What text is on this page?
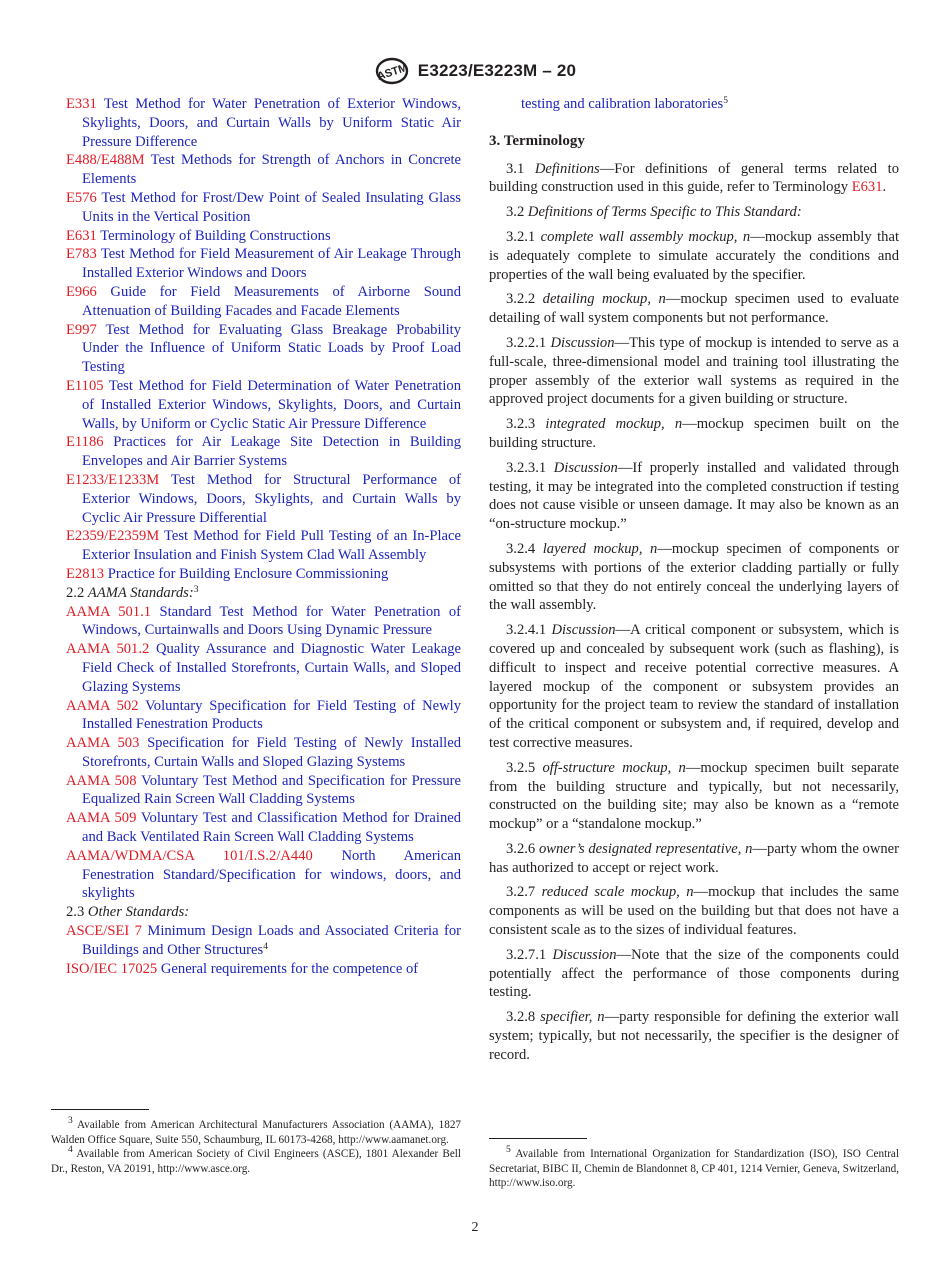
ASTM E3223/E3223M – 20

E331 Test Method for Water Penetration of Exterior Windows, Skylights, Doors, and Curtain Walls by Uniform Static Air Pressure Difference

E488/E488M Test Methods for Strength of Anchors in Concrete Elements

E576 Test Method for Frost/Dew Point of Sealed Insulating Glass Units in the Vertical Position

E631 Terminology of Building Constructions

E783 Test Method for Field Measurement of Air Leakage Through Installed Exterior Windows and Doors

E966 Guide for Field Measurements of Airborne Sound Attenuation of Building Facades and Facade Elements

E997 Test Method for Evaluating Glass Breakage Probability Under the Influence of Uniform Static Loads by Proof Load Testing

E1105 Test Method for Field Determination of Water Penetration of Installed Exterior Windows, Skylights, Doors, and Curtain Walls, by Uniform or Cyclic Static Air Pressure Difference

E1186 Practices for Air Leakage Site Detection in Building Envelopes and Air Barrier Systems

E1233/E1233M Test Method for Structural Performance of Exterior Windows, Doors, Skylights, and Curtain Walls by Cyclic Air Pressure Differential

E2359/E2359M Test Method for Field Pull Testing of an In-Place Exterior Insulation and Finish System Clad Wall Assembly

E2813 Practice for Building Enclosure Commissioning

2.2 AAMA Standards:$^3$

AAMA 501.1 Standard Test Method for Water Penetration of Windows, Curtainwalls and Doors Using Dynamic Pressure

AAMA 501.2 Quality Assurance and Diagnostic Water Leakage Field Check of Installed Storefronts, Curtain Walls, and Sloped Glazing Systems

AAMA 502 Voluntary Specification for Field Testing of Newly Installed Fenestration Products

AAMA 503 Specification for Field Testing of Newly Installed Storefronts, Curtain Walls and Sloped Glazing Systems

AAMA 508 Voluntary Test Method and Specification for Pressure Equalized Rain Screen Wall Cladding Systems

AAMA 509 Voluntary Test and Classification Method for Drained and Back Ventilated Rain Screen Wall Cladding Systems

AAMA/WDMA/CSA 101/I.S.2/A440 North American Fenestration Standard/Specification for windows, doors, and skylights

2.3 Other Standards:

ASCE/SEI 7 Minimum Design Loads and Associated Criteria for Buildings and Other Structures$^4$

ISO/IEC 17025 General requirements for the competence of

testing and calibration laboratories$^5$

3. Terminology

3.1 Definitions—For definitions of general terms related to building construction used in this guide, refer to Terminology E631.

3.2 Definitions of Terms Specific to This Standard:

3.2.1 complete wall assembly mockup, n—mockup assembly that is adequately complete to simulate accurately the conditions and properties of the wall being evaluated by the specifier.

3.2.2 detailing mockup, n—mockup specimen used to evaluate detailing of wall system components but not performance.

3.2.2.1 Discussion—This type of mockup is intended to serve as a full-scale, three-dimensional model and training tool illustrating the proper assembly of the exterior wall systems as required in the approved project documents for a given building or structure.

3.2.3 integrated mockup, n—mockup specimen built on the building structure.

3.2.3.1 Discussion—If properly installed and validated through testing, it may be integrated into the completed construction if testing does not cause visible or unseen damage. It may also be known as an “on-structure mockup.”

3.2.4 layered mockup, n—mockup specimen of components or subsystems with portions of the exterior cladding partially or fully omitted so that they do not entirely conceal the underlying layers of the wall assembly.

3.2.4.1 Discussion—A critical component or subsystem, which is covered up and concealed by subsequent work (such as flashing), is difficult to inspect and receive potential corrective measures. A layered mockup of the component or subsystem provides an opportunity for the project team to review the standard of installation of the critical component or subsystem and, if required, develop and test corrective measures.

3.2.5 off-structure mockup, n—mockup specimen built separate from the building structure and typically, but not necessarily, constructed on the building site; may also be known as a “remote mockup” or a “standalone mockup.”

3.2.6 owner’s designated representative, n—party whom the owner has authorized to accept or reject work.

3.2.7 reduced scale mockup, n—mockup that includes the same components as will be used on the building but that does not have a consistent scale as to the sizes of individual features.

3.2.7.1 Discussion—Note that the size of the components could potentially affect the performance of those components during testing.

3.2.8 specifier, n—party responsible for defining the exterior wall system; typically, but not necessarily, the specifier is the designer of record.

$^3$ Available from American Architectural Manufacturers Association (AAMA), 1827 Walden Office Square, Suite 550, Schaumburg, IL 60173-4268, http://www.aamanet.org.

$^4$ Available from American Society of Civil Engineers (ASCE), 1801 Alexander Bell Dr., Reston, VA 20191, http://www.asce.org.

$^5$ Available from International Organization for Standardization (ISO), ISO Central Secretariat, BIBC II, Chemin de Blandonnet 8, CP 401, 1214 Vernier, Geneva, Switzerland, http://www.iso.org.

2
